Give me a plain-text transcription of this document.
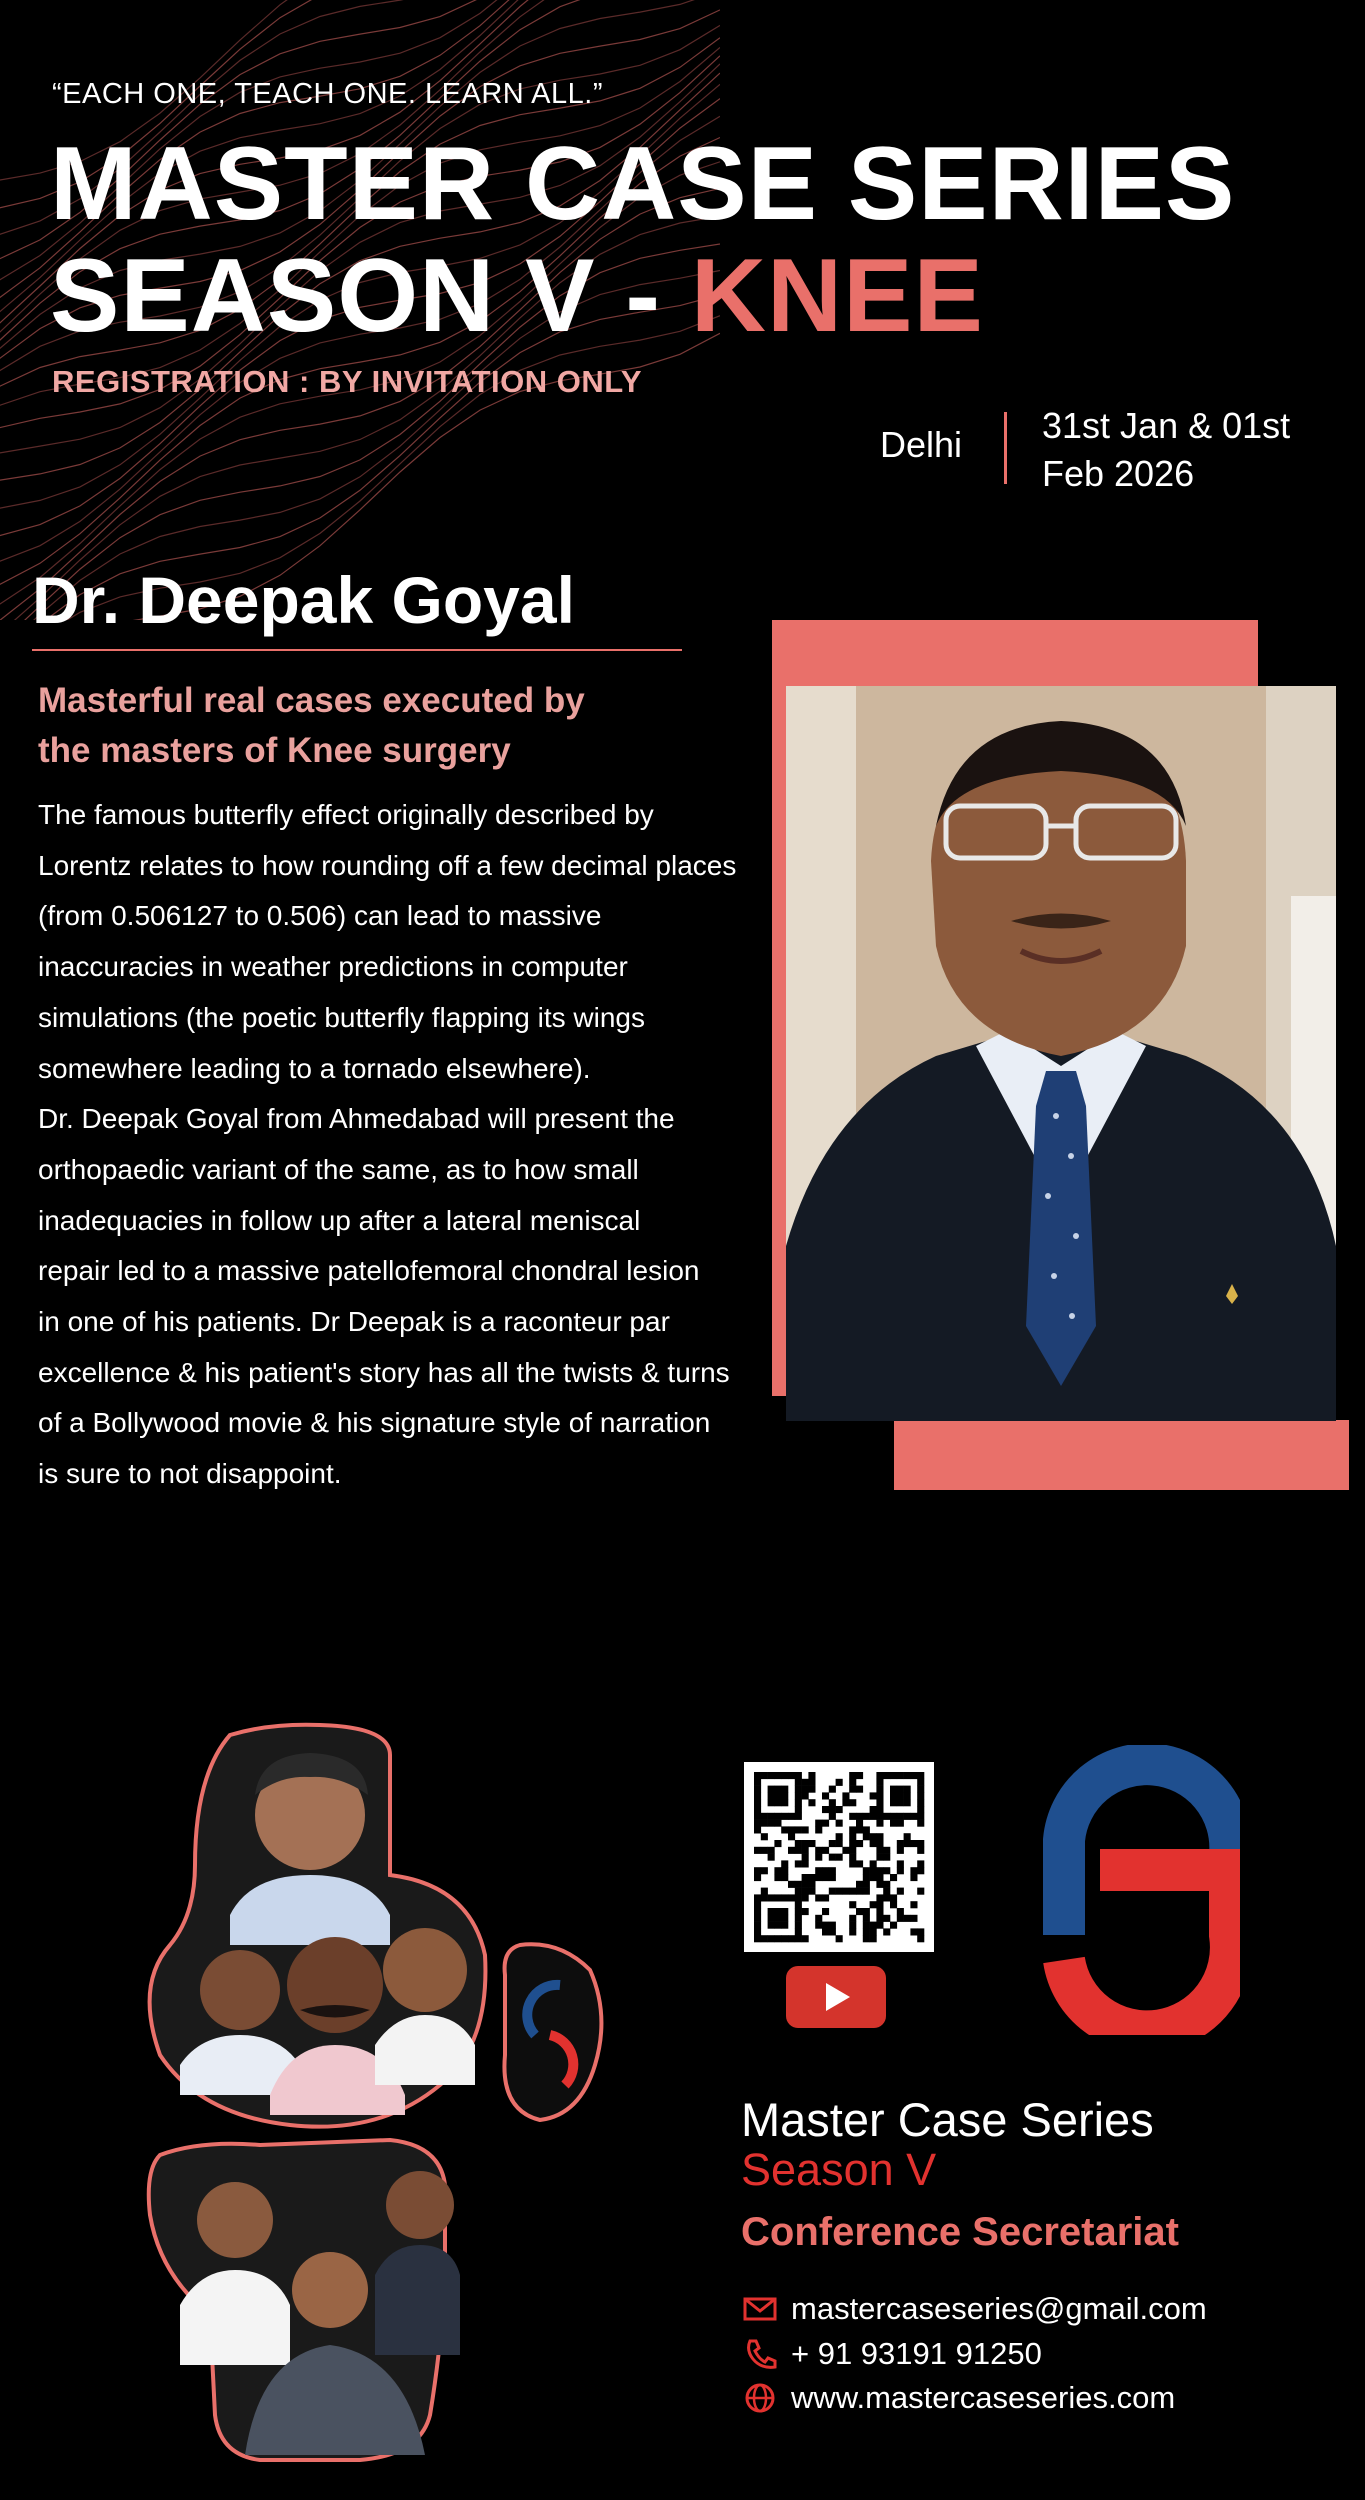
“EACH ONE, TEACH ONE. LEARN ALL.”
MASTER CASE SERIES
SEASON V - KNEE
REGISTRATION : BY INVITATION ONLY
Delhi 31st Jan & 01st
Feb 2026
Dr. Deepak Goyal
Masterful real cases executed by
the masters of Knee surgery

The famous butterfly effect originally described by

Lorentz relates to how rounding off a few decimal places

(from 0.506127 to 0.506) can lead to massive

inaccuracies in weather predictions in computer

simulations (the poetic butterfly flapping its wings

somewhere leading to a tornado elsewhere).

Dr. Deepak Goyal from Ahmedabad will present the

orthopaedic variant of the same, as to how small

inadequacies in follow up after a lateral meniscal

repair led to a massive patellofemoral chondral lesion

in one of his patients. Dr Deepak is a raconteur par

excellence & his patient's story has all the twists & turns

of a Bollywood movie & his signature style of narration

is sure to not disappoint.

Master Case Series
Season V
Conference Secretariat
mastercaseseries@gmail.com
+ 91 93191 91250
www.mastercaseseries.com
